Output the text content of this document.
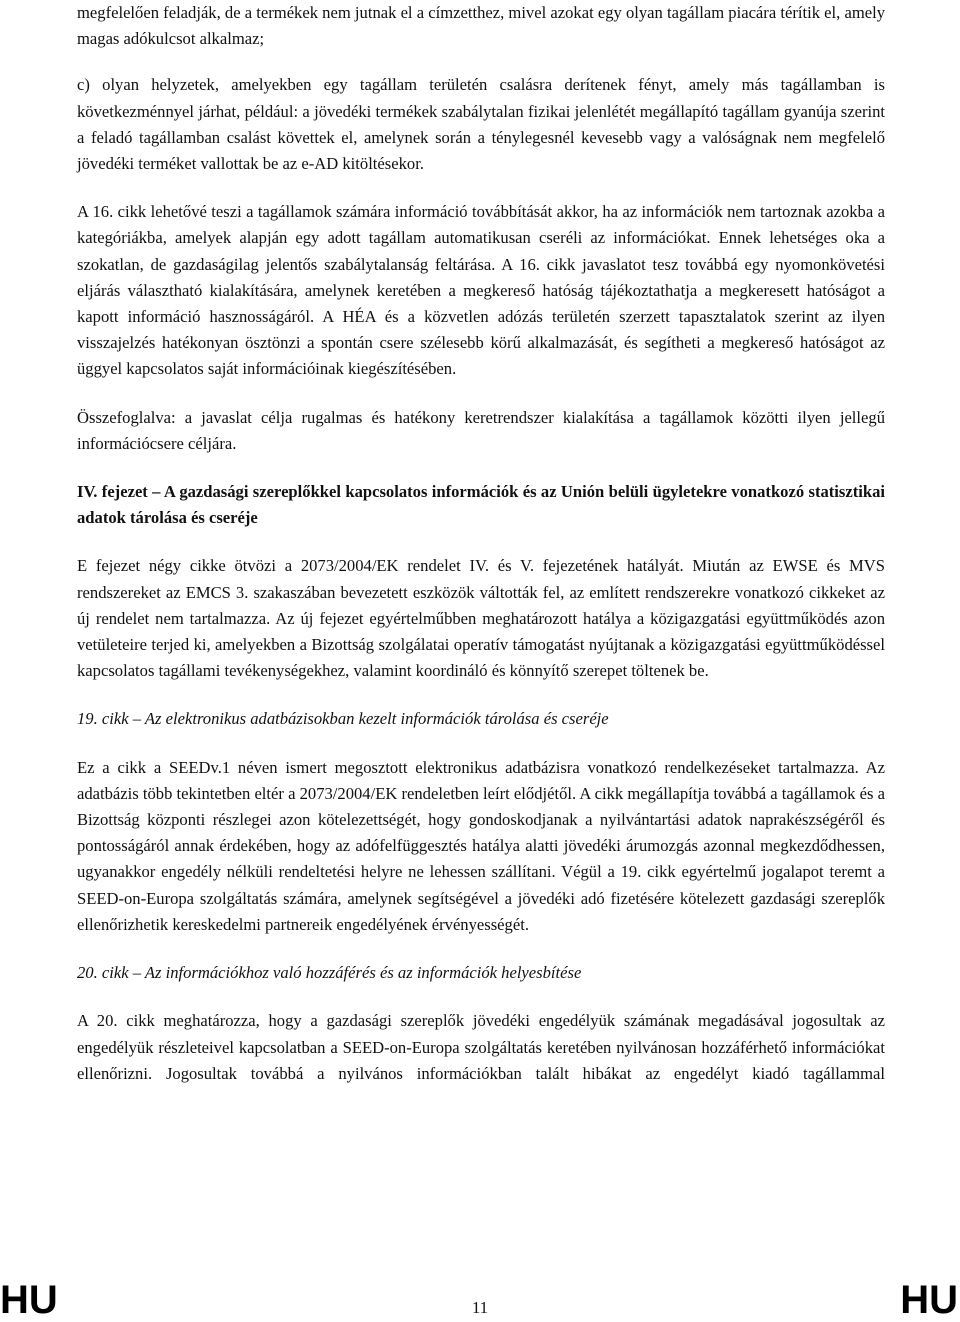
megfelelően feladják, de a termékek nem jutnak el a címzetthez, mivel azokat egy olyan tagállam piacára térítik el, amely magas adókulcsot alkalmaz;

c) olyan helyzetek, amelyekben egy tagállam területén csalásra derítenek fényt, amely más tagállamban is következménnyel járhat, például: a jövedéki termékek szabálytalan fizikai jelenlétét megállapító tagállam gyanúja szerint a feladó tagállamban csalást követtek el, amelynek során a ténylegesnél kevesebb vagy a valóságnak nem megfelelő jövedéki terméket vallottak be az e-AD kitöltésekor.

A 16. cikk lehetővé teszi a tagállamok számára információ továbbítását akkor, ha az információk nem tartoznak azokba a kategóriákba, amelyek alapján egy adott tagállam automatikusan cseréli az információkat. Ennek lehetséges oka a szokatlan, de gazdaságilag jelentős szabálytalanság feltárása. A 16. cikk javaslatot tesz továbbá egy nyomonkövetési eljárás választható kialakítására, amelynek keretében a megkereső hatóság tájékoztathatja a megkeresett hatóságot a kapott információ hasznosságáról. A HÉA és a közvetlen adózás területén szerzett tapasztalatok szerint az ilyen visszajelzés hatékonyan ösztönzi a spontán csere szélesebb körű alkalmazását, és segítheti a megkereső hatóságot az üggyel kapcsolatos saját információinak kiegészítésében.

Összefoglalva: a javaslat célja rugalmas és hatékony keretrendszer kialakítása a tagállamok közötti ilyen jellegű információcsere céljára.

IV. fejezet – A gazdasági szereplőkkel kapcsolatos információk és az Unión belüli ügyletekre vonatkozó statisztikai adatok tárolása és cseréje

E fejezet négy cikke ötvözi a 2073/2004/EK rendelet IV. és V. fejezetének hatályát. Miután az EWSE és MVS rendszereket az EMCS 3. szakaszában bevezetett eszközök váltották fel, az említett rendszerekre vonatkozó cikkeket az új rendelet nem tartalmazza. Az új fejezet egyértelműbben meghatározott hatálya a közigazgatási együttműködés azon vetületeire terjed ki, amelyekben a Bizottság szolgálatai operatív támogatást nyújtanak a közigazgatási együttműködéssel kapcsolatos tagállami tevékenységekhez, valamint koordináló és könnyítő szerepet töltenek be.

19. cikk – Az elektronikus adatbázisokban kezelt információk tárolása és cseréje

Ez a cikk a SEEDv.1 néven ismert megosztott elektronikus adatbázisra vonatkozó rendelkezéseket tartalmazza. Az adatbázis több tekintetben eltér a 2073/2004/EK rendeletben leírt elődjétől. A cikk megállapítja továbbá a tagállamok és a Bizottság központi részlegei azon kötelezettségét, hogy gondoskodjanak a nyilvántartási adatok naprakészségéről és pontosságáról annak érdekében, hogy az adófelfüggesztés hatálya alatti jövedéki árumozgás azonnal megkezdődhessen, ugyanakkor engedély nélküli rendeltetési helyre ne lehessen szállítani. Végül a 19. cikk egyértelmű jogalapot teremt a SEED-on-Europa szolgáltatás számára, amelynek segítségével a jövedéki adó fizetésére kötelezett gazdasági szereplők ellenőrizhetik kereskedelmi partnereik engedélyének érvényességét.

20. cikk – Az információkhoz való hozzáférés és az információk helyesbítése

A 20. cikk meghatározza, hogy a gazdasági szereplők jövedéki engedélyük számának megadásával jogosultak az engedélyük részleteivel kapcsolatban a SEED-on-Europa szolgáltatás keretében nyilvánosan hozzáférhető információkat ellenőrizni. Jogosultak továbbá a nyilvános információkban talált hibákat az engedélyt kiadó tagállammal

HU	11	HU
